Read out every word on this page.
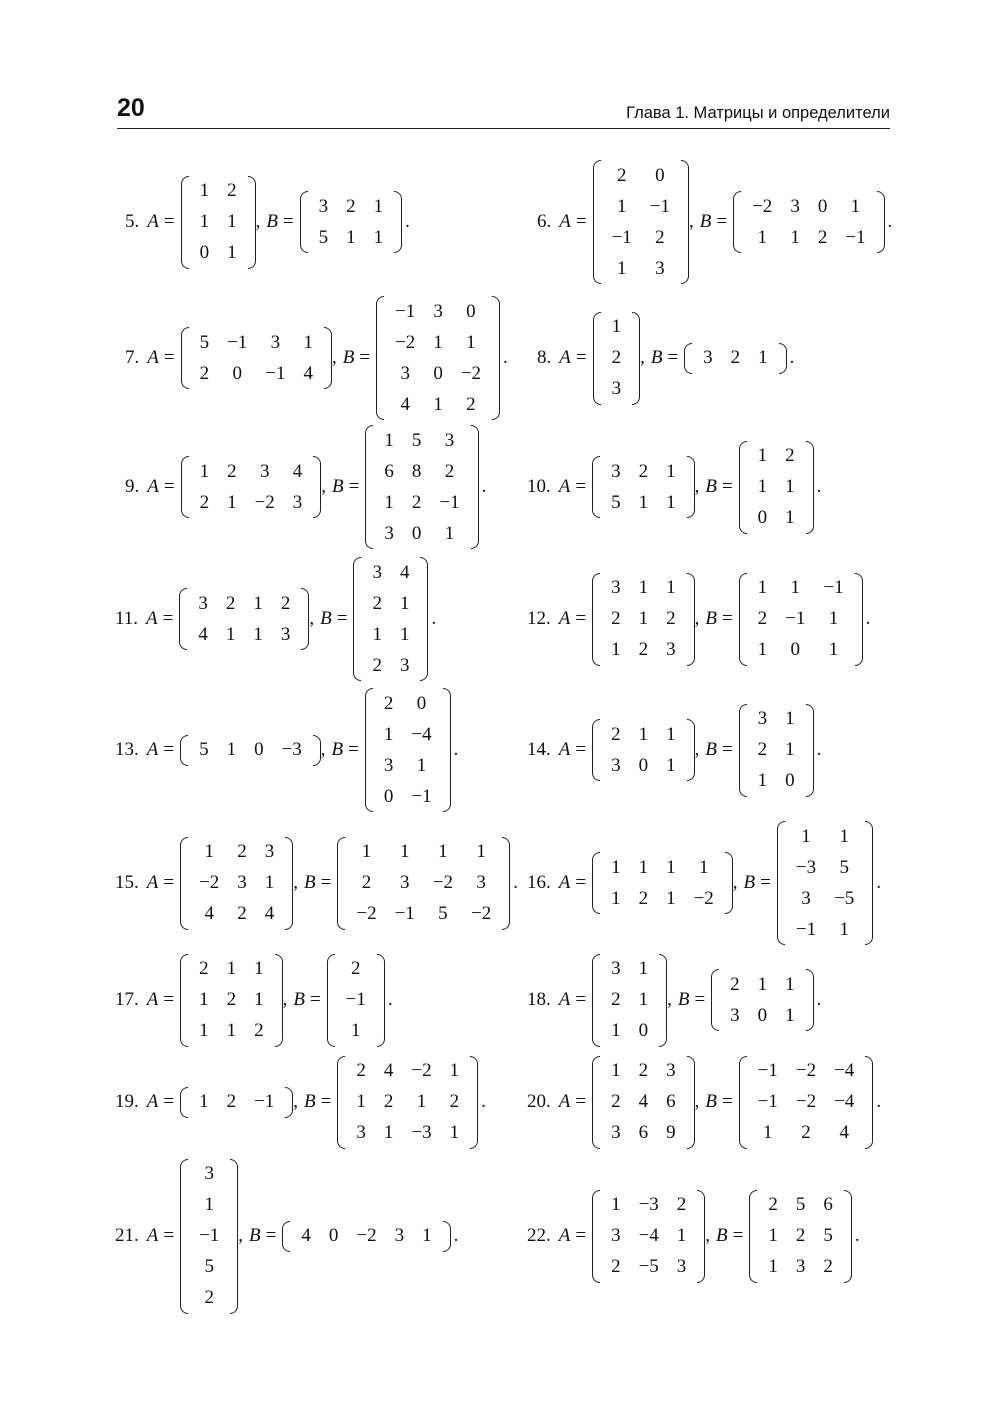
20	Глава 1. Матрицы и определители
5. A =
1	2
1	1
0	1
, B =
3	2	1
5	1	1
.	6. A =
2	0
1	−1
−1	2
1	3
, B =
−2	3	0	1
1	1	2	−1
.
7. A =
5	−1	3	1
2	0	−1	4
, B =
−1	3	0
−2	1	1
3	0	−2
4	1	2
. 8. A =
1
2
3
, B = 3	2	1 .
9. A =
1	2	3	4
2	1	−2	3
, B =
1	5	3
6	8	2
1	2	−1
3	0	1
. 10. A =
3	2	1
5	1	1
, B =
1	2
1	1
0	1
.
11. A =
3	2	1	2
4	1	1	3
, B =
3	4
2	1
1	1
2	3
.	12. A =
3	1	1
2	1	2
1	2	3
, B =
1	1	−1
2	−1	1
1	0	1
.
13. A = 5	1	0	−3 , B =
2	0
1	−4
3	1
0	−1
.	14. A =
2	1	1
3	0	1
, B =
3	1
2	1
1	0
.
15. A =
1	2	3
−2	3	1
4	2	4
, B =
1	1	1	1
2	3	−2	3
−2	−1	5	−2
. 16. A =
1	1	1	1
1	2	1	−2
, B =
1	1
−3	5
3	−5
−1	1
.
17. A =
2	1	1
1	2	1
1	1	2
, B =
2
−1
1
.	18. A =
3	1
2	1
1	0
, B =
2	1	1
3	0	1
.
19. A = 1	2	−1 , B =
2	4	−2	1
1	2	1	2
3	1	−3	1
. 20. A =
1	2	3
2	4	6
3	6	9
, B =
−1	−2	−4
−1	−2	−4
1	2	4
.
21. A =
3
1
−1
5
2
, B = 4	0	−2	3	1 .	22. A =
1	−3	2
3	−4	1
2	−5	3
, B =
2	5	6
1	2	5
1	3	2
.
